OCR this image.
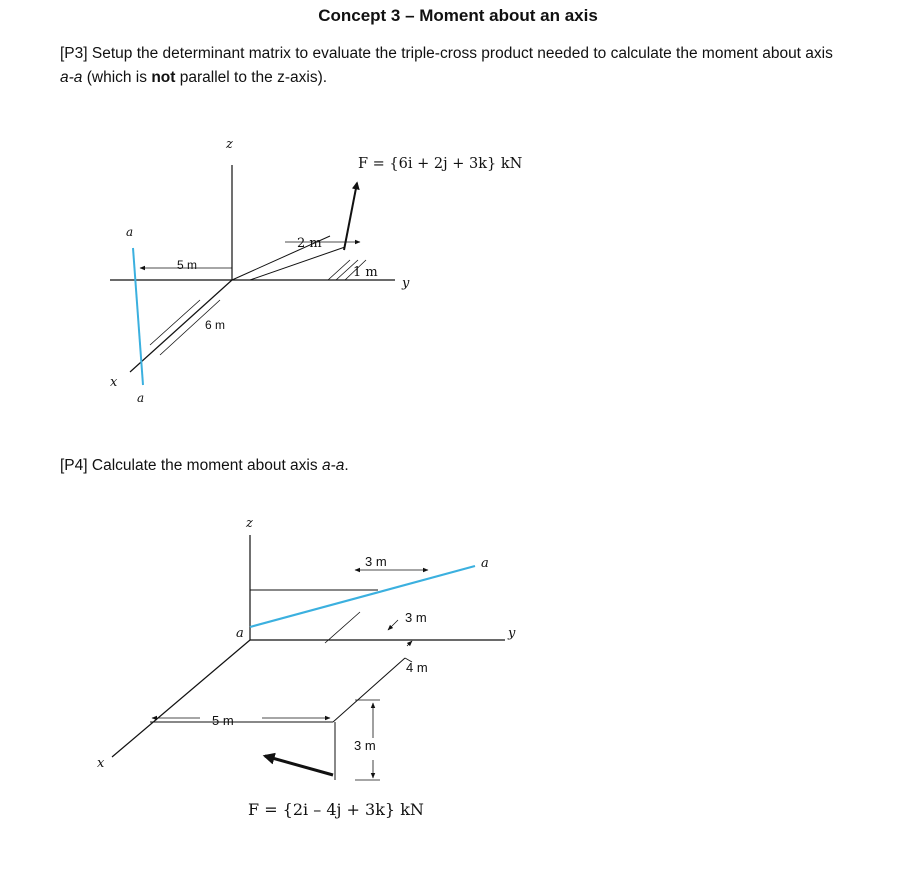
Concept 3 – Moment about an axis
[P3] Setup the determinant matrix to evaluate the triple-cross product needed to calculate the moment about axis a-a (which is not parallel to the z-axis).
[P4] Calculate the moment about axis a-a.
z
y
x
a
a
F = {6i + 2j + 3k} kN
2 m
1 m
5 m
6 m
z
y
x
a
a
F = {2i – 4j + 3k} kN
3 m
3 m
4 m
5 m
3 m
